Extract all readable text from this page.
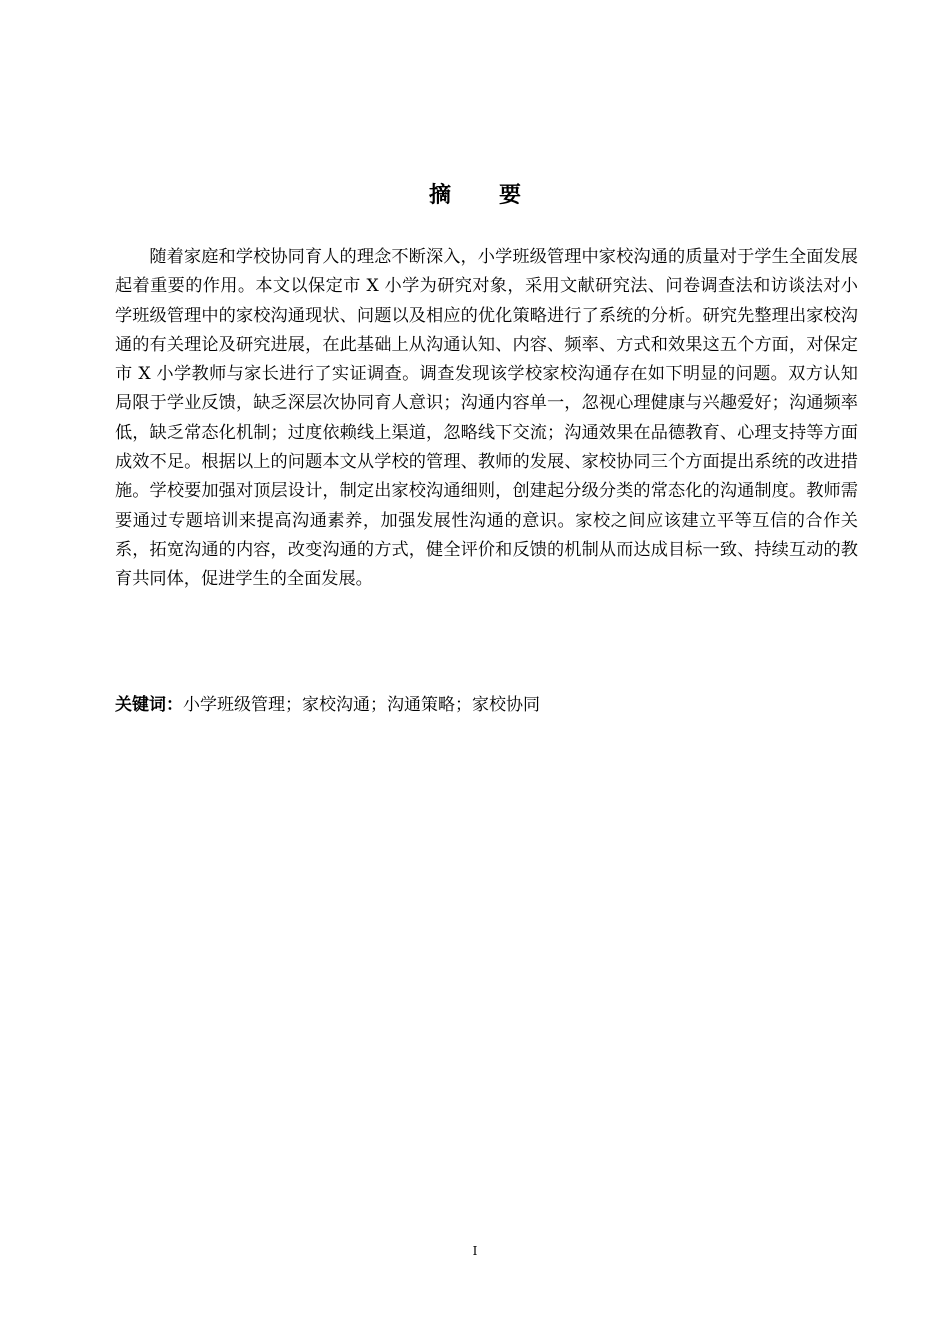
摘 要

随着家庭和学校协同育人的理念不断深入，小学班级管理中家校沟通的质量对于学生全面发展起着重要的作用。本文以保定市 X 小学为研究对象，采用文献研究法、问卷调查法和访谈法对小学班级管理中的家校沟通现状、问题以及相应的优化策略进行了系统的分析。研究先整理出家校沟通的有关理论及研究进展，在此基础上从沟通认知、内容、频率、方式和效果这五个方面，对保定市 X 小学教师与家长进行了实证调查。调查发现该学校家校沟通存在如下明显的问题。双方认知局限于学业反馈，缺乏深层次协同育人意识；沟通内容单一，忽视心理健康与兴趣爱好；沟通频率低，缺乏常态化机制；过度依赖线上渠道，忽略线下交流；沟通效果在品德教育、心理支持等方面成效不足。根据以上的问题本文从学校的管理、教师的发展、家校协同三个方面提出系统的改进措施。学校要加强对顶层设计，制定出家校沟通细则，创建起分级分类的常态化的沟通制度。教师需要通过专题培训来提高沟通素养，加强发展性沟通的意识。家校之间应该建立平等互信的合作关系，拓宽沟通的内容，改变沟通的方式，健全评价和反馈的机制从而达成目标一致、持续互动的教育共同体，促进学生的全面发展。

关键词：小学班级管理；家校沟通；沟通策略；家校协同

I
